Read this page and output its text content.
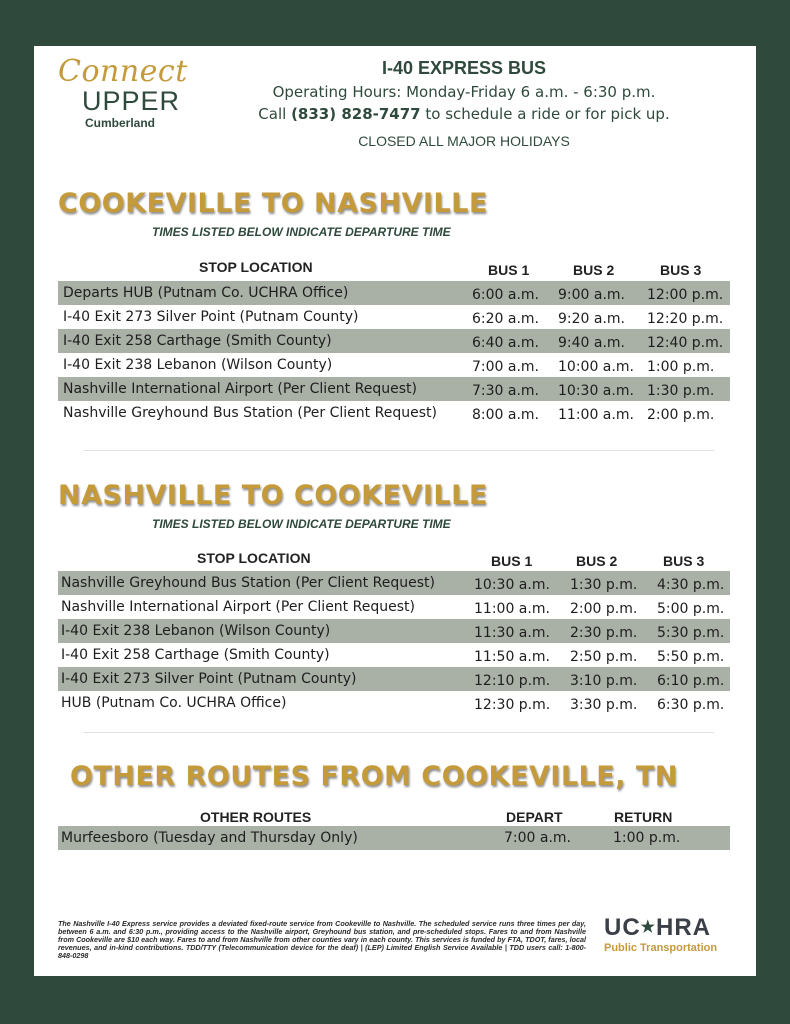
Connect
UPPER
Cumberland
I-40 EXPRESS BUS
Operating Hours: Monday-Friday 6 a.m. - 6:30 p.m.
Call (833) 828-7477 to schedule a ride or for pick up.
CLOSED ALL MAJOR HOLIDAYS
COOKEVILLE TO NASHVILLE
TIMES LISTED BELOW INDICATE DEPARTURE TIME
STOP LOCATION	BUS 1	BUS 2	BUS 3
Departs HUB (Putnam Co. UCHRA Office)	6:00 a.m. 9:00 a.m. 12:00 p.m.
I-40 Exit 273 Silver Point (Putnam County)	6:20 a.m. 9:20 a.m. 12:20 p.m.
I-40 Exit 258 Carthage (Smith County)	6:40 a.m. 9:40 a.m. 12:40 p.m.
I-40 Exit 238 Lebanon (Wilson County)	7:00 a.m. 10:00 a.m. 1:00 p.m.
Nashville International Airport (Per Client Request)	7:30 a.m. 10:30 a.m. 1:30 p.m.
Nashville Greyhound Bus Station (Per Client Request)	8:00 a.m. 11:00 a.m. 2:00 p.m.
NASHVILLE TO COOKEVILLE
TIMES LISTED BELOW INDICATE DEPARTURE TIME
STOP LOCATION	BUS 1	BUS 2	BUS 3
Nashville Greyhound Bus Station (Per Client Request)	10:30 a.m. 1:30 p.m. 4:30 p.m.
Nashville International Airport (Per Client Request)	11:00 a.m. 2:00 p.m. 5:00 p.m.
I-40 Exit 238 Lebanon (Wilson County)	11:30 a.m. 2:30 p.m. 5:30 p.m.
I-40 Exit 258 Carthage (Smith County)	11:50 a.m. 2:50 p.m. 5:50 p.m.
I-40 Exit 273 Silver Point (Putnam County)	12:10 p.m. 3:10 p.m. 6:10 p.m.
HUB (Putnam Co. UCHRA Office)	12:30 p.m. 3:30 p.m. 6:30 p.m.
OTHER ROUTES FROM COOKEVILLE, TN
OTHER ROUTES	DEPART	RETURN
Murfeesboro (Tuesday and Thursday Only)	7:00 a.m.	1:00 p.m.
The Nashville I-40 Express service provides a deviated fixed-route service from Cookeville to Nashville. The scheduled service runs three times per day, between 6 a.m. and 6:30 p.m., providing access to the Nashville airport, Greyhound bus station, and pre-scheduled stops. Fares to and from Nashville from Cookeville are $10 each way. Fares to and from Nashville from other counties vary in each county. This services is funded by FTA, TDOT, fares, local revenues, and in-kind contributions. TDD/TTY (Telecommunication device for the deaf) | (LEP) Limited English Service Available | TDD users call: 1-800-848-0298
UC★HRA
Public Transportation
